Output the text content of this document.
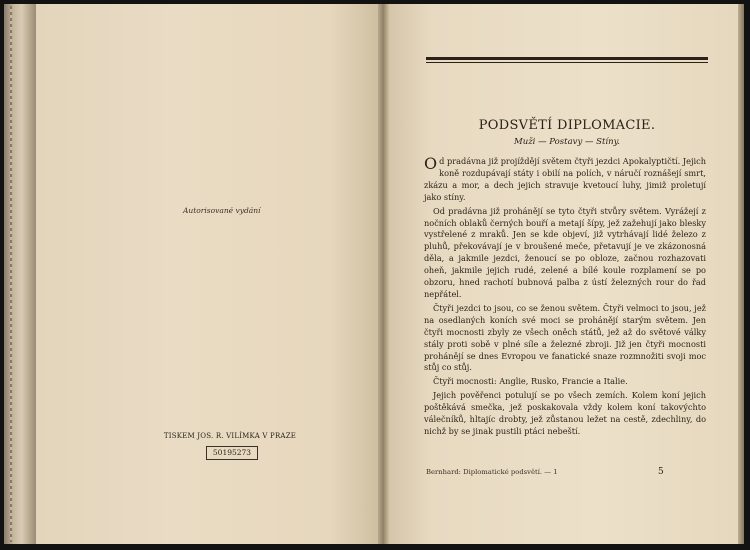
Autorisované vydání
TISKEM JOS. R. VILÍMKA V PRAZE
50195273
PODSVĚTÍ DIPLOMACIE.
Muži — Postavy — Stíny.

Od pradávna již projíždějí světem čtyři jezdci Apokalyptičtí. Jejich koně rozdupávají státy i obilí na polích, v náručí roznášejí smrt, zkázu a mor, a dech jejich stravuje kvetoucí luhy, jimiž proletují jako stíny.

Od pradávna již prohánějí se tyto čtyři stvůry světem. Vyrážejí z nočních oblaků černých bouří a metají šípy, jež zažehují jako blesky vystřelené z mraků. Jen se kde objeví, již vytrhávají lidé železo z pluhů, překovávají je v broušené meče, přetavují je ve zkázonosná děla, a jakmile jezdci, ženoucí se po obloze, začnou rozhazovati oheň, jakmile jejich rudé, zelené a bílé koule rozplamení se po obzoru, hned rachotí bubnová palba z ústí železných rour do řad nepřátel.

Čtyři jezdci to jsou, co se ženou světem. Čtyři velmoci to jsou, jež na osedlaných koních své moci se prohánějí starým světem. Jen čtyři mocnosti zbyly ze všech oněch států, jež až do světové války stály proti sobě v plné síle a železné zbroji. Již jen čtyři mocnosti prohánějí se dnes Evropou ve fanatické snaze rozmnožiti svoji moc stůj co stůj.

Čtyři mocnosti: Anglie, Rusko, Francie a Italie.

Jejich pověřenci potulují se po všech zemích. Kolem koní jejich poštěkává smečka, jež poskakovala vždy kolem koní takovýchto válečníků, hltajíc drobty, jež zůstanou ležet na cestě, zdechliny, do nichž by se jinak pustili ptáci nebeští.

Bernhard: Diplomatické podsvětí. — 1	5
